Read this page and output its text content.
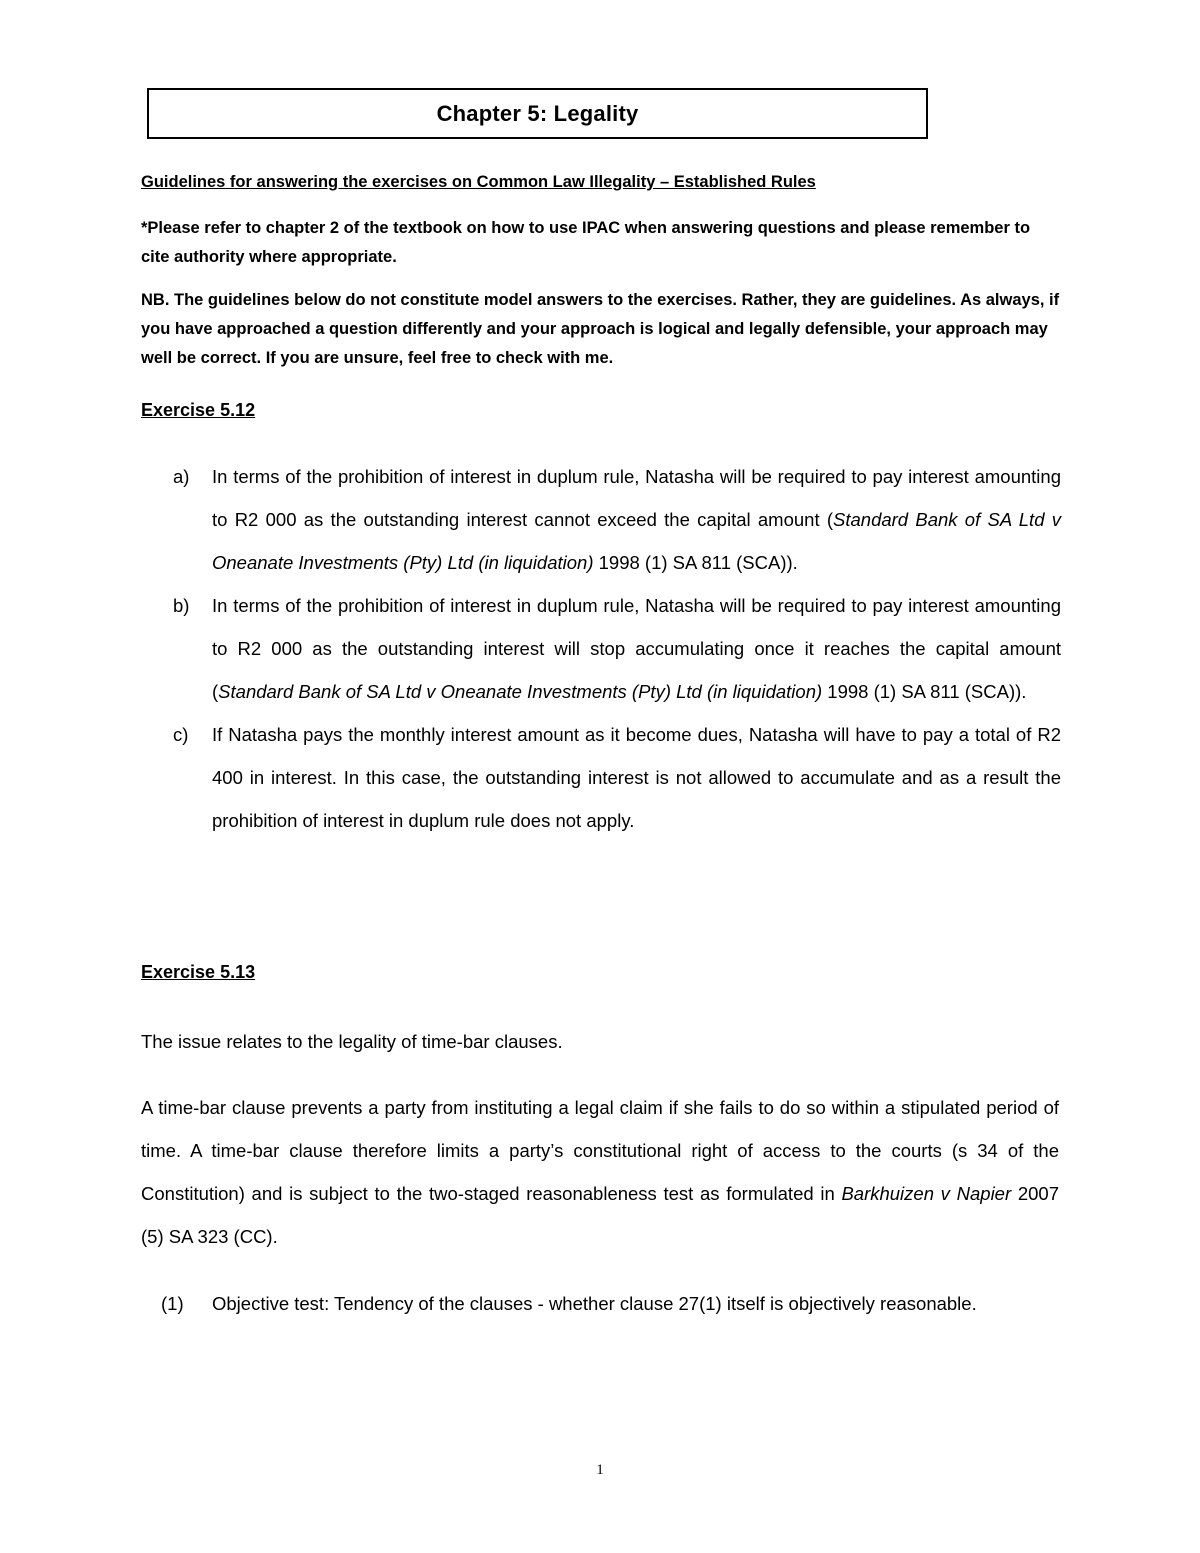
Chapter 5: Legality
Guidelines for answering the exercises on Common Law Illegality – Established Rules

*Please refer to chapter 2 of the textbook on how to use IPAC when answering questions and please remember to cite authority where appropriate.

NB. The guidelines below do not constitute model answers to the exercises. Rather, they are guidelines. As always, if you have approached a question differently and your approach is logical and legally defensible, your approach may well be correct. If you are unsure, feel free to check with me.

Exercise 5.12
a) In terms of the prohibition of interest in duplum rule, Natasha will be required to pay interest amounting to R2 000 as the outstanding interest cannot exceed the capital amount (Standard Bank of SA Ltd v Oneanate Investments (Pty) Ltd (in liquidation) 1998 (1) SA 811 (SCA)).
b) In terms of the prohibition of interest in duplum rule, Natasha will be required to pay interest amounting to R2 000 as the outstanding interest will stop accumulating once it reaches the capital amount (Standard Bank of SA Ltd v Oneanate Investments (Pty) Ltd (in liquidation) 1998 (1) SA 811 (SCA)).
c) If Natasha pays the monthly interest amount as it become dues, Natasha will have to pay a total of R2 400 in interest. In this case, the outstanding interest is not allowed to accumulate and as a result the prohibition of interest in duplum rule does not apply.
Exercise 5.13

The issue relates to the legality of time-bar clauses.

A time-bar clause prevents a party from instituting a legal claim if she fails to do so within a stipulated period of time. A time-bar clause therefore limits a party’s constitutional right of access to the courts (s 34 of the Constitution) and is subject to the two-staged reasonableness test as formulated in Barkhuizen v Napier 2007 (5) SA 323 (CC).

(1) Objective test: Tendency of the clauses - whether clause 27(1) itself is objectively reasonable.
1
